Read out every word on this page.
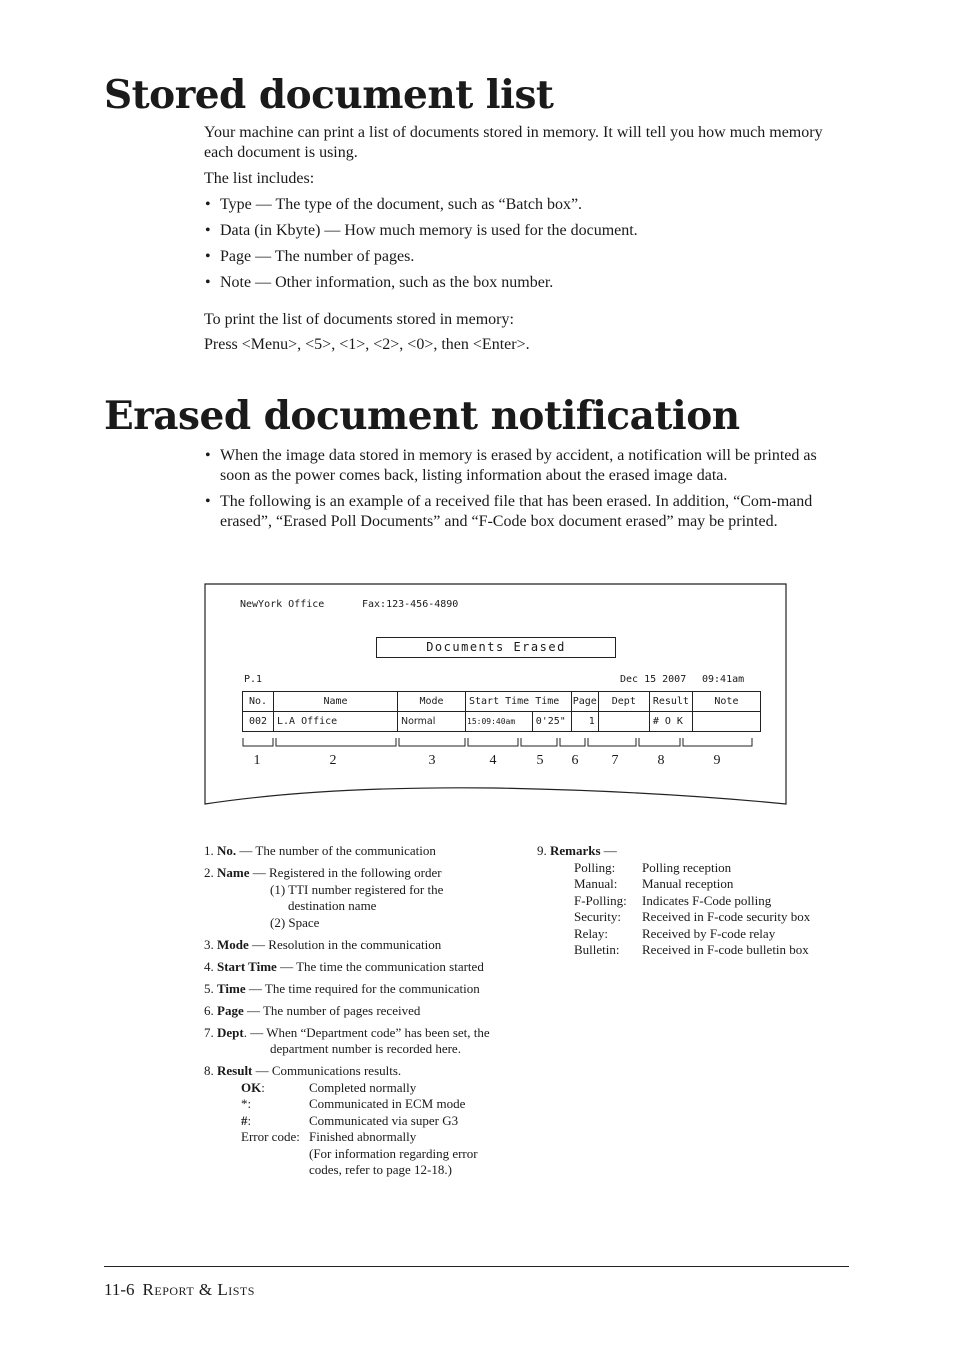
Stored document list

Your machine can print a list of documents stored in memory. It will tell you how much memory each document is using.

The list includes:

• Type — The type of the document, such as “Batch box”.

• Data (in Kbyte) — How much memory is used for the document.

• Page — The number of pages.

• Note — Other information, such as the box number.

To print the list of documents stored in memory:

Press <Menu>, <5>, <1>, <2>, <0>, then <Enter>.

Erased document notification

• When the image data stored in memory is erased by accident, a notification will be printed as soon as the power comes back, listing information about the erased image data.

• The following is an example of a received file that has been erased. In addition, “Com-mand erased”, “Erased Poll Documents” and “F-Code box document erased” may be printed.

NewYork Office	Fax:123-456-4890
Documents Erased
P.1	Dec 15 2007 09:41am
No.	Name	Mode	Start Time	Time	Page	Dept	Result	Note
002	L.A Office	Normal	15:09:40am	0'25"	1		# O K	
1	2	3	4	5	6	7	8	9
1. No. — The number of the communication
2. Name — Registered in the following order
(1) TTI number registered for the
destination name
(2) Space
3. Mode — Resolution in the communication
4. Start Time — The time the communication started
5. Time — The time required for the communication
6. Page — The number of pages received
7. Dept. — When “Department code” has been set, the
department number is recorded here.
8. Result — Communications results.
OK:	Completed normally
*:	Communicated in ECM mode
#:	Communicated via super G3
Error code: Finished abnormally
(For information regarding error
codes, refer to page 12-18.)
9. Remarks —
Polling:	Polling reception
Manual:	Manual reception
F-Polling:	Indicates F-Code polling
Security:	Received in F-code security box
Relay:	Received by F-code relay
Bulletin:	Received in F-code bulletin box
11-6 Report & Lists
